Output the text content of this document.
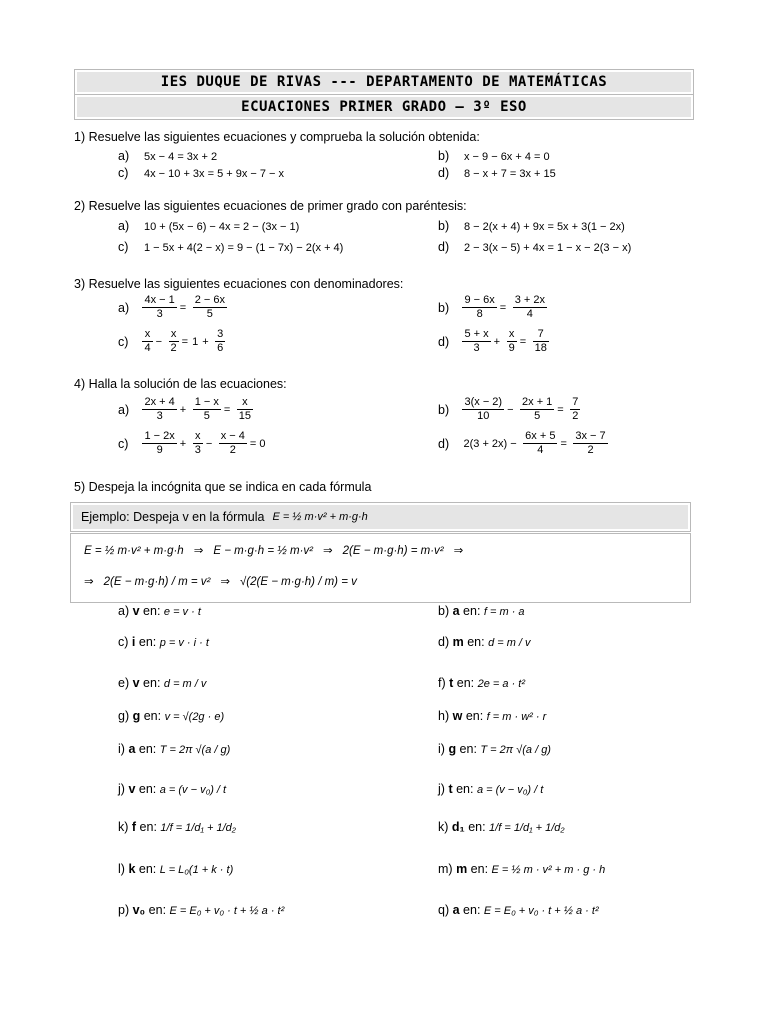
IES DUQUE DE RIVAS --- DEPARTAMENTO DE MATEMÁTICAS
ECUACIONES PRIMER GRADO – 3º ESO
1) Resuelve las siguientes ecuaciones y comprueba la solución obtenida:
a) 5x − 4 = 3x + 2	b) x − 9 − 6x + 4 = 0
c) 4x − 10 + 3x = 5 + 9x − 7 − x	d) 8 − x + 7 = 3x + 15
2) Resuelve las siguientes ecuaciones de primer grado con paréntesis:
a) 10 + (5x − 6) − 4x = 2 − (3x − 1)	b) 8 − 2(x + 4) + 9x = 5x + 3(1 − 2x)
c) 1 − 5x + 4(2 − x) = 9 − (1 − 7x) − 2(x + 4)	d) 2 − 3(x − 5) + 4x = 1 − x − 2(3 − x)
3) Resuelve las siguientes ecuaciones con denominadores:
$a) \frac{4x - 1}{3} = \frac{2 - 6x}{5}$	$b) \frac{9 - 6x}{8} = \frac{3 + 2x}{4}$
$c) \frac{x}{4} - \frac{x}{2} = 1 + \frac{3}{6}$	$d) \frac{5 + x}{3} + \frac{x}{9} = \frac{7}{18}$
4) Halla la solución de las ecuaciones:
$a) \frac{2x + 4}{3} + \frac{1 - x}{5} = \frac{x}{15}$	$b) \frac{3(x - 2)}{10} - \frac{2x + 1}{5} = \frac{7}{2}$
$c) \frac{1 - 2x}{9} + \frac{x}{3} - \frac{x - 4}{2} = 0$	d) $2(3 + 2x) - \frac{6x + 5}{4} = \frac{3x - 7}{2}$
5) Despeja la incógnita que se indica en cada fórmula
Ejemplo: Despeja v en la fórmula E = ½ m·v² + m·g·h
E = ½ m·v² + m·g·h ⇒ E − m·g·h = ½ m·v² ⇒ 2(E − m·g·h) = m·v² ⇒
⇒ 2(E − m·g·h) / m = v² ⇒ √(2(E − m·g·h) / m) = v
a) v en: e = v · t	b) a en: f = m · a
c) i en: p = v · i · t	d) m en: d = m / v
e) v en: d = m / v	f) t en: 2e = a · t²
g) g en: v = √(2g · e)	h) w en: f = m · w² · r
i) a en: T = 2π √(a / g)	i) g en: T = 2π √(a / g)
j) v en: a = (v − v₀) / t	j) t en: a = (v − v₀) / t
k) f en: 1/f = 1/d₁ + 1/d₂	k) d₁ en: 1/f = 1/d₁ + 1/d₂
l) k en: L = L₀(1 + k · t)	m) m en: E = ½ m · v² + m · g · h
p) v₀ en: E = E₀ + v₀ · t + ½ a · t²	q) a en: E = E₀ + v₀ · t + ½ a · t²
